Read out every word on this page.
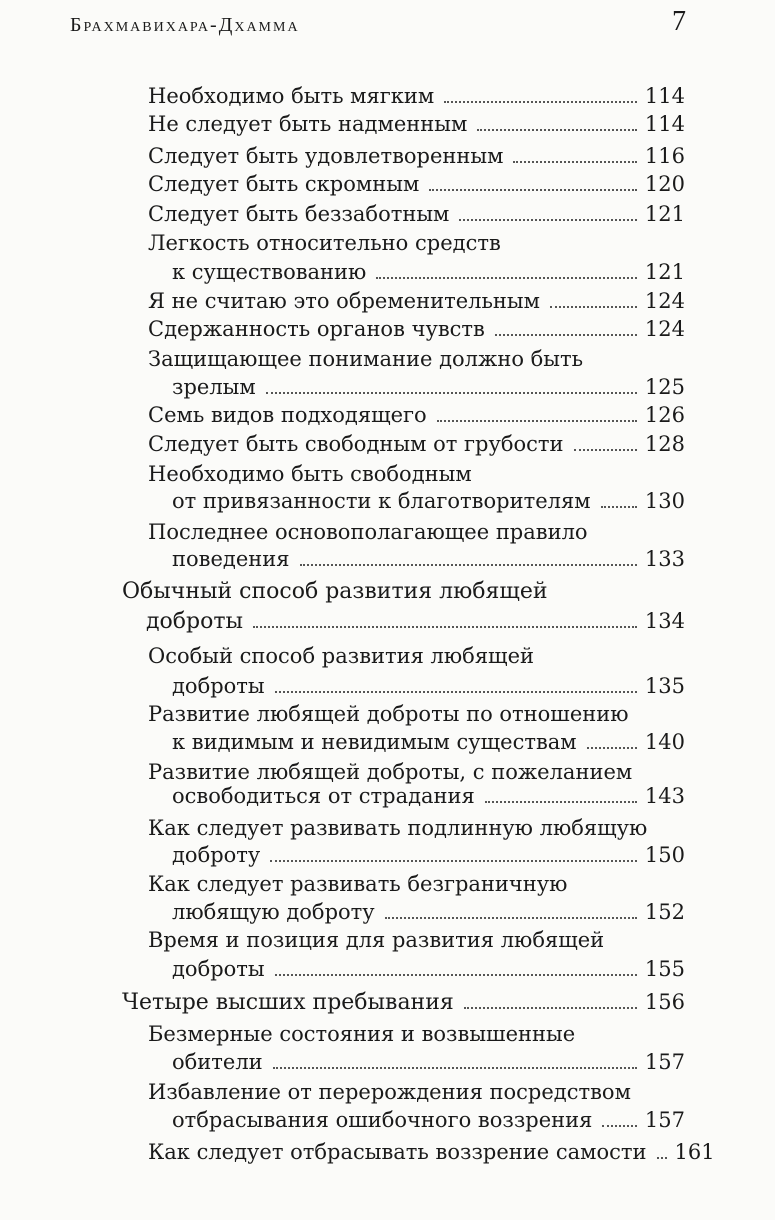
Брахмавихара-Дхамма	7
Необходимо быть мягким	114
Не следует быть надменным	114
Следует быть удовлетворенным	116
Следует быть скромным	120
Следует быть беззаботным	121
Легкость относительно средств
к существованию	121
Я не считаю это обременительным	124
Сдержанность органов чувств	124
Защищающее понимание должно быть
зрелым	125
Семь видов подходящего	126
Следует быть свободным от грубости	128
Необходимо быть свободным
от привязанности к благотворителям	130
Последнее основополагающее правило
поведения	133
Обычный способ развития любящей
доброты	134
Особый способ развития любящей
доброты	135
Развитие любящей доброты по отношению
к видимым и невидимым существам	140
Развитие любящей доброты, с пожеланием
освободиться от страдания	143
Как следует развивать подлинную любящую
доброту	150
Как следует развивать безграничную
любящую доброту	152
Время и позиция для развития любящей
доброты	155
Четыре высших пребывания	156
Безмерные состояния и возвышенные
обители	157
Избавление от перерождения посредством
отбрасывания ошибочного воззрения	157
Как следует отбрасывать воззрение самости 161
